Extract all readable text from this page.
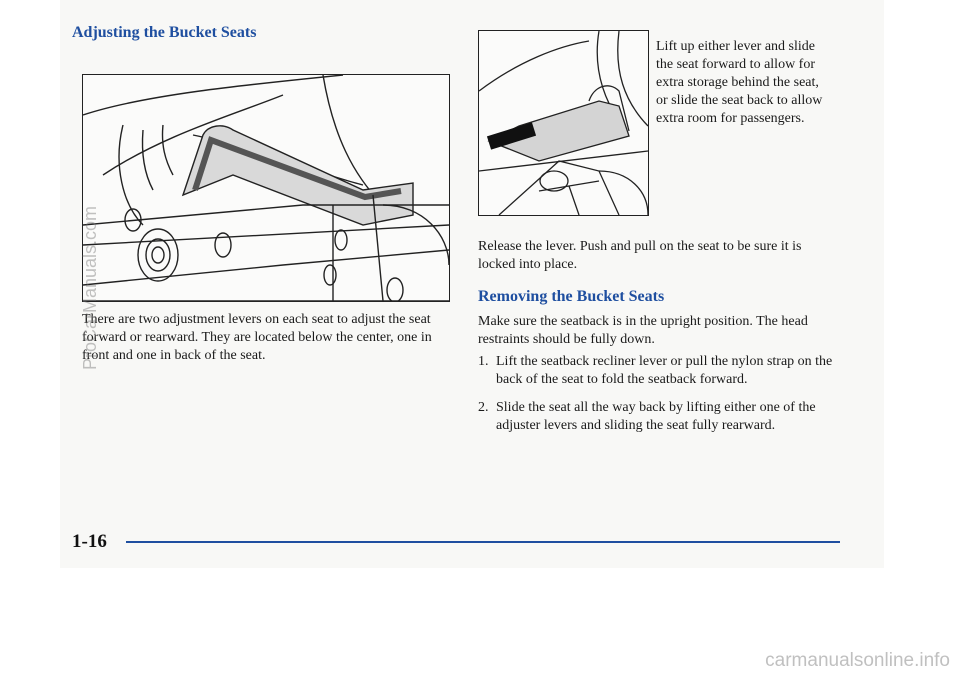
Adjusting the Bucket Seats

There are two adjustment levers on each seat to adjust the seat forward or rearward. They are located below the center, one in front and one in back of the seat.

Lift up either lever and slide the seat forward to allow for extra storage behind the seat, or slide the seat back to allow extra room for passengers.

Release the lever. Push and pull on the seat to be sure it is locked into place.

Removing the Bucket Seats

Make sure the seatback is in the upright position. The head restraints should be fully down.

1. Lift the seatback recliner lever or pull the nylon strap on the back of the seat to fold the seatback forward.
2. Slide the seat all the way back by lifting either one of the adjuster levers and sliding the seat fully rearward.
1-16
ProCarManuals.com
carmanualsonline.info
